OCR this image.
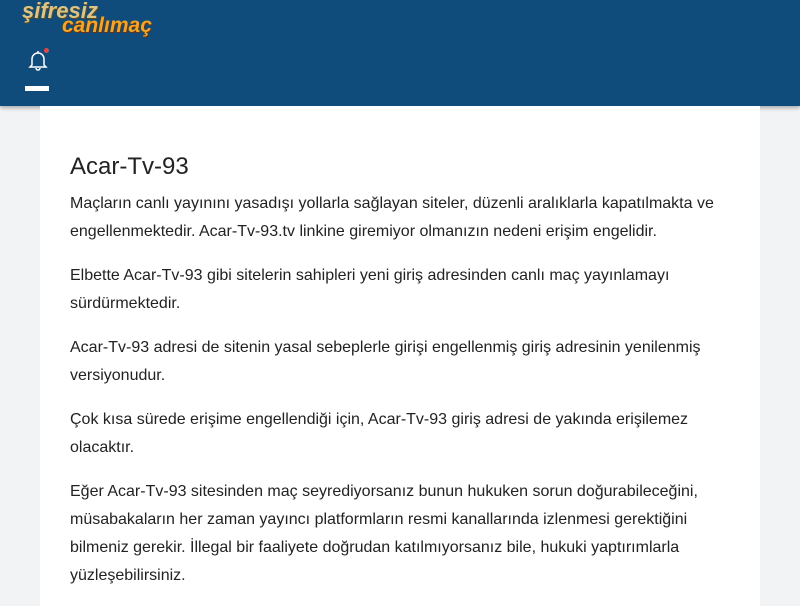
şifresiz
canlımaç
Acar-Tv-93

Maçların canlı yayınını yasadışı yollarla sağlayan siteler, düzenli aralıklarla kapatılmakta ve engellenmektedir. Acar-Tv-93.tv linkine giremiyor olmanızın nedeni erişim engelidir.

Elbette Acar-Tv-93 gibi sitelerin sahipleri yeni giriş adresinden canlı maç yayınlamayı sürdürmektedir.

Acar-Tv-93 adresi de sitenin yasal sebeplerle girişi engellenmiş giriş adresinin yenilenmiş versiyonudur.

Çok kısa sürede erişime engellendiği için, Acar-Tv-93 giriş adresi de yakında erişilemez olacaktır.

Eğer Acar-Tv-93 sitesinden maç seyrediyorsanız bunun hukuken sorun doğurabileceğini, müsabakaların her zaman yayıncı platformların resmi kanallarında izlenmesi gerektiğini bilmeniz gerekir. İllegal bir faaliyete doğrudan katılmıyorsanız bile, hukuki yaptırımlarla yüzleşebilirsiniz.
